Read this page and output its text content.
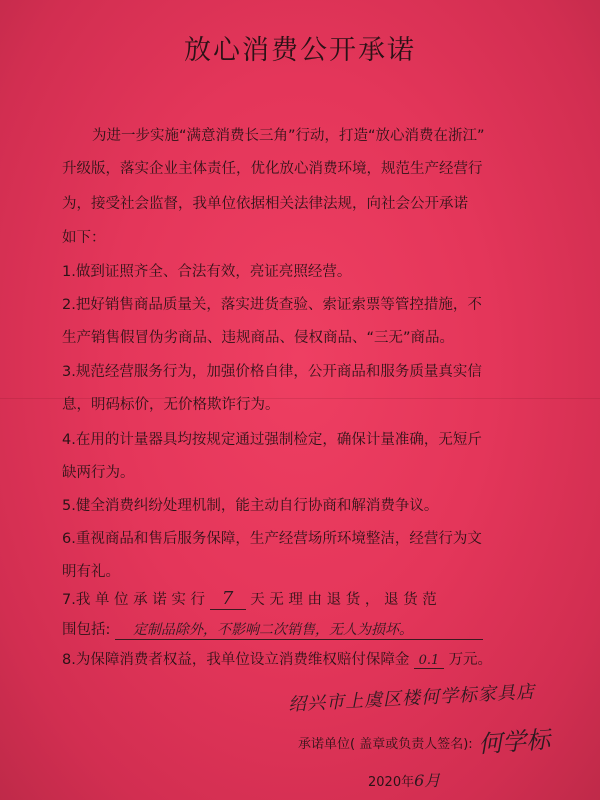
放心消费公开承诺
为进一步实施“满意消费长三角”行动，打造“放心消费在浙江”
升级版，落实企业主体责任，优化放心消费环境，规范生产经营行
为，接受社会监督，我单位依据相关法律法规，向社会公开承诺
如下：
1.做到证照齐全、合法有效，亮证亮照经营。
2.把好销售商品质量关，落实进货查验、索证索票等管控措施，不
生产销售假冒伪劣商品、违规商品、侵权商品、“三无”商品。
3.规范经营服务行为，加强价格自律，公开商品和服务质量真实信
息，明码标价，无价格欺诈行为。
4.在用的计量器具均按规定通过强制检定，确保计量准确，无短斤
缺两行为。
5.健全消费纠纷处理机制，能主动自行协商和解消费争议。
6.重视商品和售后服务保障，生产经营场所环境整洁，经营行为文
明有礼。
7.我 单 位 承 诺 实 行 7 天 无 理 由 退 货 ， 退 货 范
围包括: 定制品除外，不影响二次销售，无人为损坏。
8.为保障消费者权益，我单位设立消费维权赔付保障金 0.1 万元。
绍兴市上虞区楼何学标家具店
承诺单位( 盖章或负责人签名): 何学标
2020年6月
